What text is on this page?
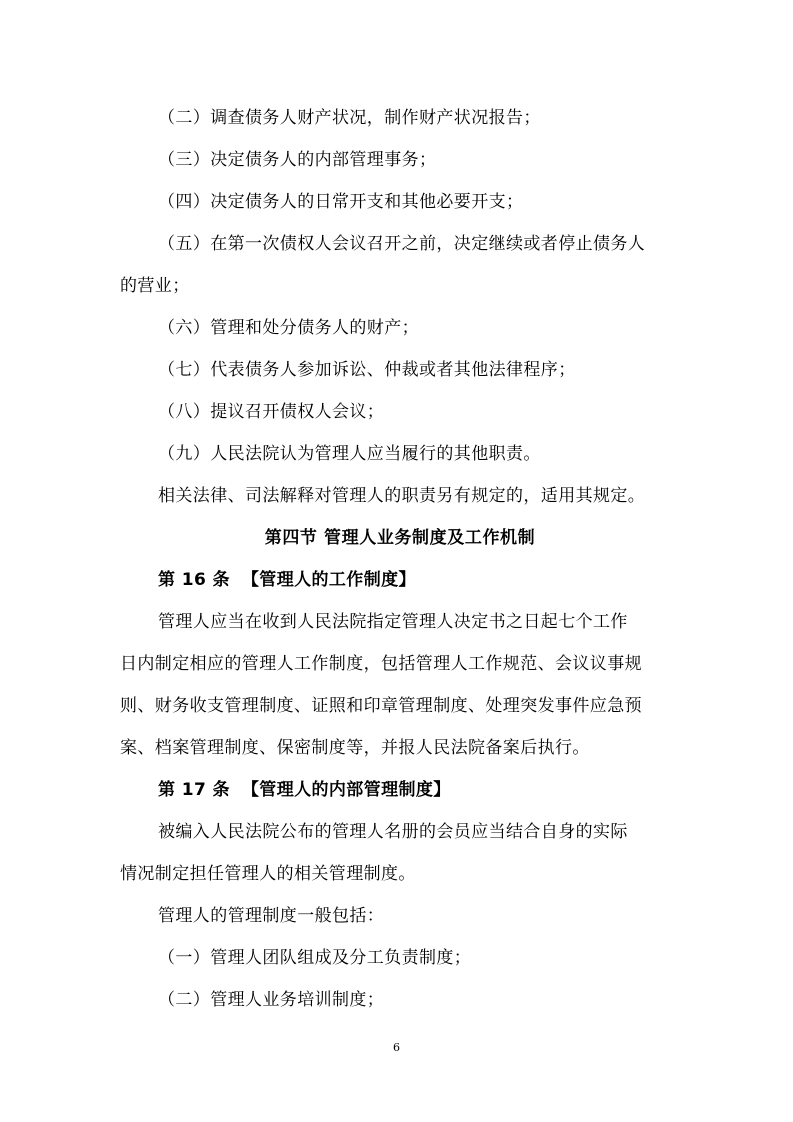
（二）调查债务人财产状况，制作财产状况报告；
（三）决定债务人的内部管理事务；
（四）决定债务人的日常开支和其他必要开支；
（五）在第一次债权人会议召开之前，决定继续或者停止债务人
的营业；
（六）管理和处分债务人的财产；
（七）代表债务人参加诉讼、仲裁或者其他法律程序；
（八）提议召开债权人会议；
（九）人民法院认为管理人应当履行的其他职责。
相关法律、司法解释对管理人的职责另有规定的，适用其规定。
第四节 管理人业务制度及工作机制
第 16 条 【管理人的工作制度】
管理人应当在收到人民法院指定管理人决定书之日起七个工作
日内制定相应的管理人工作制度，包括管理人工作规范、会议议事规
则、财务收支管理制度、证照和印章管理制度、处理突发事件应急预
案、档案管理制度、保密制度等，并报人民法院备案后执行。
第 17 条 【管理人的内部管理制度】
被编入人民法院公布的管理人名册的会员应当结合自身的实际
情况制定担任管理人的相关管理制度。
管理人的管理制度一般包括：
（一）管理人团队组成及分工负责制度；
（二）管理人业务培训制度；
6
